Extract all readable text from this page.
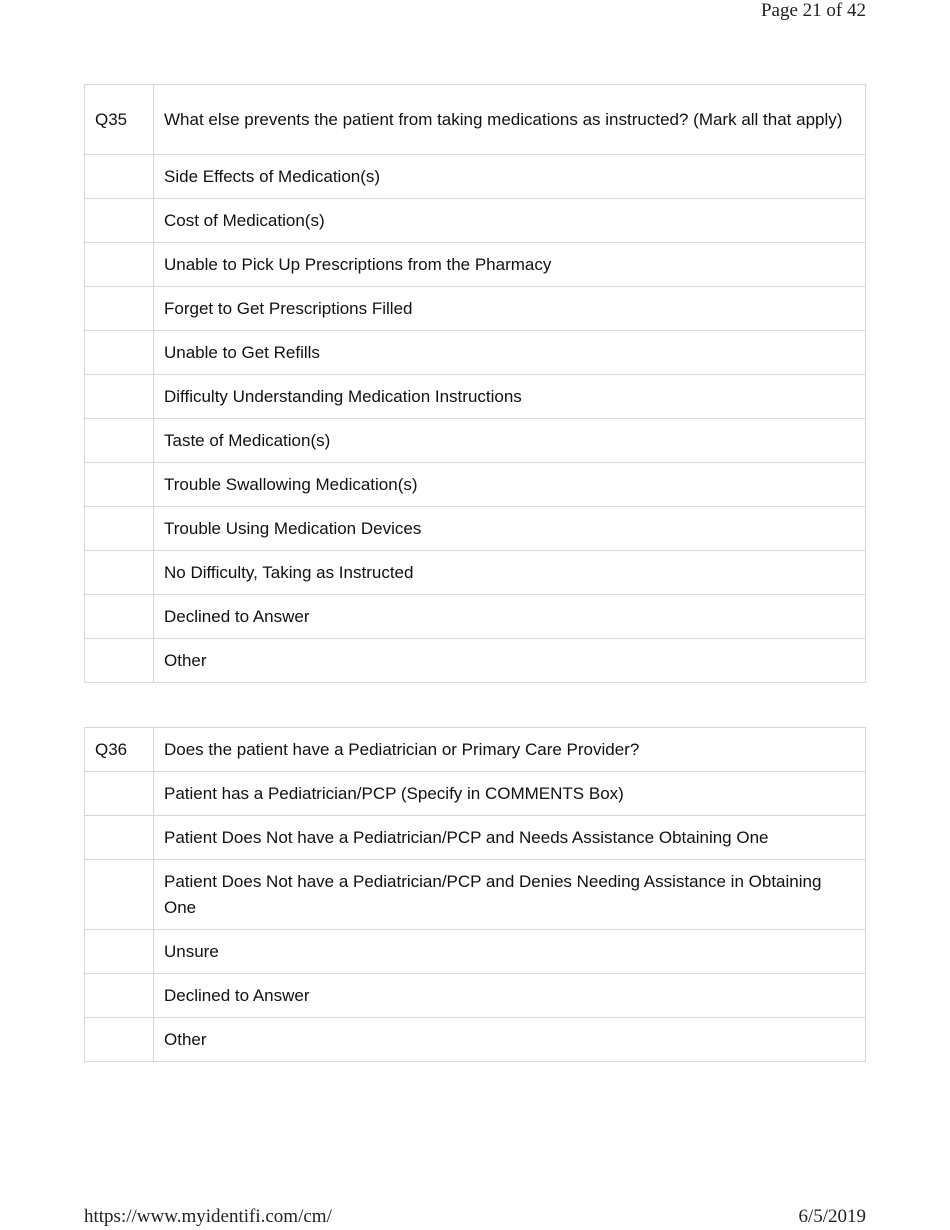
Page 21 of 42
Q35	What else prevents the patient from taking medications as instructed? (Mark all that apply)
	Side Effects of Medication(s)
	Cost of Medication(s)
	Unable to Pick Up Prescriptions from the Pharmacy
	Forget to Get Prescriptions Filled
	Unable to Get Refills
	Difficulty Understanding Medication Instructions
	Taste of Medication(s)
	Trouble Swallowing Medication(s)
	Trouble Using Medication Devices
	No Difficulty, Taking as Instructed
	Declined to Answer
	Other
Q36	Does the patient have a Pediatrician or Primary Care Provider?
	Patient has a Pediatrician/PCP (Specify in COMMENTS Box)
	Patient Does Not have a Pediatrician/PCP and Needs Assistance Obtaining One
	Patient Does Not have a Pediatrician/PCP and Denies Needing Assistance in Obtaining One
	Unsure
	Declined to Answer
	Other
https://www.myidentifi.com/cm/	6/5/2019
